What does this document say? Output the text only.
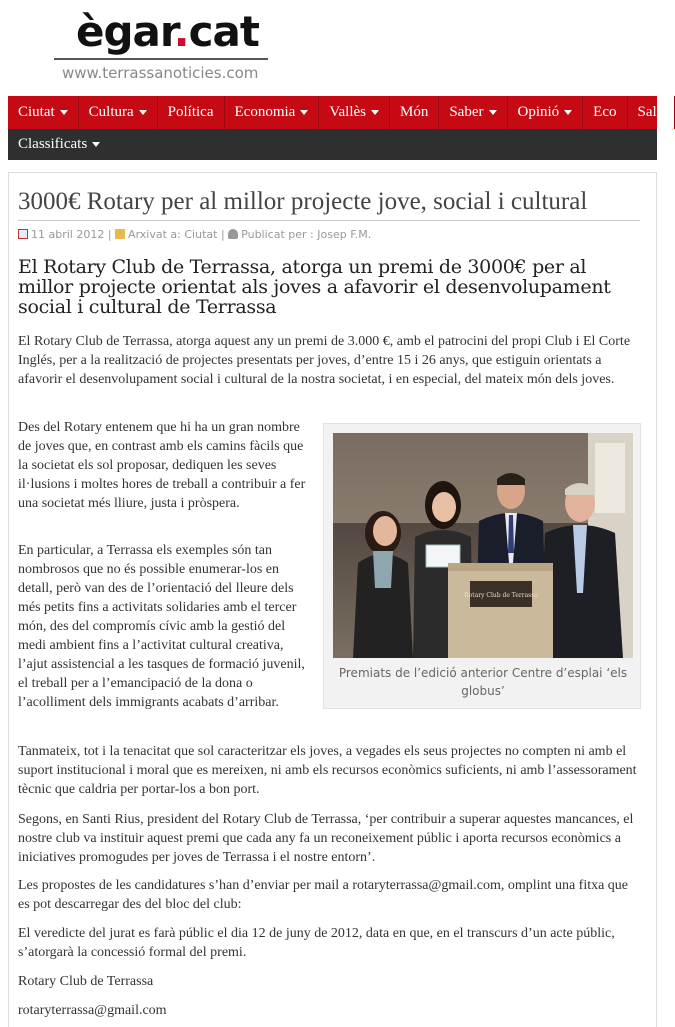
ègar.cat
www.terrassanoticies.com
Ciutat Cultura Política Economia Vallès Món Saber Opinió Eco Salu
Classificats
3000€ Rotary per al millor projecte jove, social i cultural
11 abril 2012 | Arxivat a: Ciutat | Publicat per : Josep F.M.
El Rotary Club de Terrassa, atorga un premi de 3000€ per al millor projecte orientat als joves a afavorir el desenvolupament social i cultural de Terrassa

El Rotary Club de Terrassa, atorga aquest any un premi de 3.000 €, amb el patrocini del propi Club i El Corte Inglés, per a la realització de projectes presentats per joves, d’entre 15 i 26 anys, que estiguin orientats a afavorir el desenvolupament social i cultural de la nostra societat, i en especial, del mateix món dels joves.

Des del Rotary entenem que hi ha un gran nombre de joves que, en contrast amb els camins fàcils que la societat els sol proposar, dediquen les seves il·lusions i moltes hores de treball a contribuir a fer una societat més lliure, justa i pròspera.

En particular, a Terrassa els exemples són tan nombrosos que no és possible enumerar-los en detall, però van des de l’orientació del lleure dels més petits fins a activitats solidaries amb el tercer món, des del compromís cívic amb la gestió del medi ambient fins a l’activitat cultural creativa, l’ajut assistencial a les tasques de formació juvenil, el treball per a l’emancipació de la dona o l’acolliment dels immigrants acabats d’arribar.

Rotary Club de Terrassa
Premiats de l’edició anterior Centre d’esplai ‘els globus’

Tanmateix, tot i la tenacitat que sol caracteritzar els joves, a vegades els seus projectes no compten ni amb el suport institucional i moral que es mereixen, ni amb els recursos econòmics suficients, ni amb l’assessorament tècnic que caldria per portar-los a bon port.

Segons, en Santi Rius, president del Rotary Club de Terrassa, ‘per contribuir a superar aquestes mancances, el nostre club va instituir aquest premi que cada any fa un reconeixement públic i aporta recursos econòmics a iniciatives promogudes per joves de Terrassa i el nostre entorn’.

Les propostes de les candidatures s’han d’enviar per mail a rotaryterrassa@gmail.com, omplint una fitxa que es pot descarregar des del bloc del club:

El veredicte del jurat es farà públic el dia 12 de juny de 2012, data en que, en el transcurs d’un acte públic, s’atorgarà la concessió formal del premi.

Rotary Club de Terrassa

rotaryterrassa@gmail.com
